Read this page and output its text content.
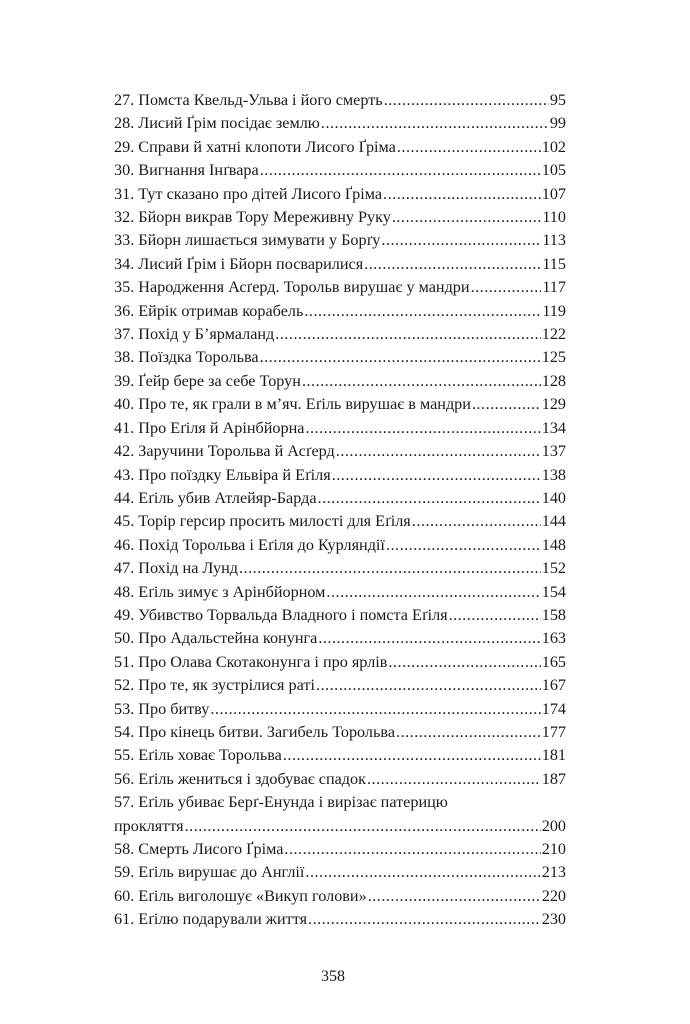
27. Помста Квельд-Ульва і його смерть .....	95
28. Лисий Ґрім посідає землю .....	99
29. Справи й хатні клопоти Лисого Ґріма .....	102
30. Вигнання Інґвара .....	105
31. Тут сказано про дітей Лисого Ґріма .....	107
32. Бйорн викрав Тору Мереживну Руку .....	110
33. Бйорн лишається зимувати у Борґу .....	113
34. Лисий Ґрім і Бйорн посварилися .....	115
35. Народження Асґерд. Торольв вирушає у мандри .....	117
36. Ейрік отримав корабель .....	119
37. Похід у Б’ярмаланд .....	122
38. Поїздка Торольва .....	125
39. Ґейр бере за себе Торун .....	128
40. Про те, як грали в м’яч. Еґіль вирушає в мандри .....	129
41. Про Еґіля й Арінбйорна .....	134
42. Заручини Торольва й Асґерд .....	137
43. Про поїздку Ельвіра й Еґіля .....	138
44. Еґіль убив Атлейяр-Барда .....	140
45. Торір герсир просить милості для Еґіля .....	144
46. Похід Торольва і Еґіля до Курляндії .....	148
47. Похід на Лунд .....	152
48. Еґіль зимує з Арінбйорном .....	154
49. Убивство Торвальда Владного і помста Еґіля .....	158
50. Про Адальстейна конунга .....	163
51. Про Олава Скотаконунга і про ярлів .....	165
52. Про те, як зустрілися раті .....	167
53. Про битву .....	174
54. Про кінець битви. Загибель Торольва .....	177
55. Еґіль ховає Торольва .....	181
56. Еґіль жениться і здобуває спадок .....	187
57. Еґіль убиває Берґ-Енунда і вирізає патерицю
прокляття .....	200
58. Смерть Лисого Ґріма .....	210
59. Еґіль вирушає до Англії .....	213
60. Еґіль виголошує «Викуп голови» .....	220
61. Еґілю подарували життя .....	230
358
